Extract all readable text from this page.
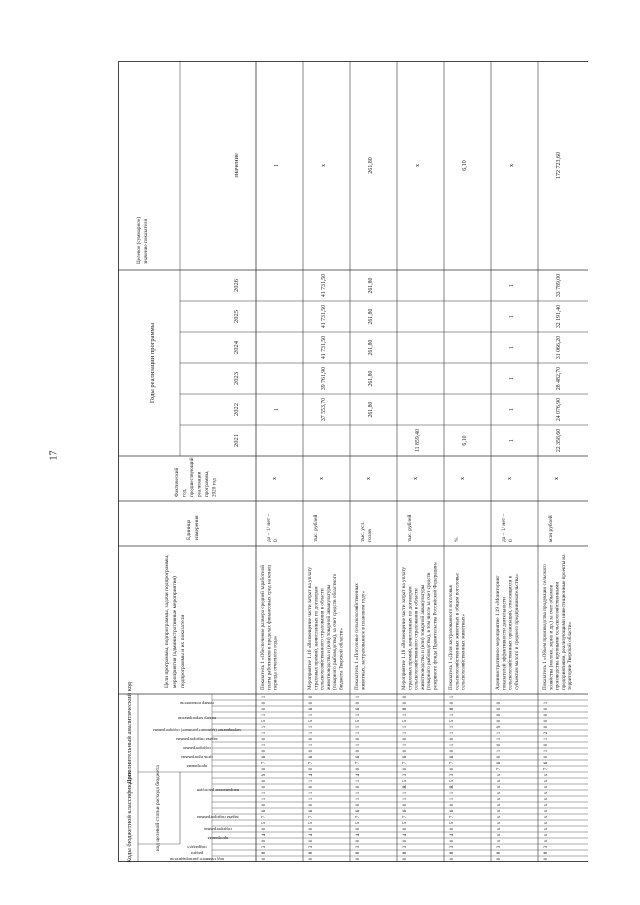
17
Коды бюджетной классификации
Дополнительный аналитический код
код целевой статьи расхода бюджета
код главного распорядителя
раздел
подраздел
программа
подпрограмма
задача подпрограммы
направление расходов
программа
цель программы
подпрограмма
задача подпрограммы
мероприятие (административное) подпрограммы
номер мероприятия
номер показателя
Цели программы, подпрограммы, задачи подпрограммы, мероприятия (административные мероприятия) подпрограммы и их показатели
Единица измерения
Фактический год, предшествующий реализации программы, 2020 год
Годы реализации программы
2021
2022
2023
2024
2025
2026
Целевое (суммарное)значение показателя
значение
0
8
3
0
4
0
5
7
6
0
1
1
0
0
9
0
7
6
0
1
0
1
1
5
1
0
0
1
Показатель 1 «Обеспечение размера средней заработнойплаты работников в пределах финансовых сред на конецпериода отчетного года»
да – 1/ нет –0
х
1
1
0
8
3
0
4
0
5
7
6
0
1
1
0
1
4
0
7
6
0
1
0
1
1
5
1
6
0
0
Мероприятие 1.16 «Возмещение части затрат на уплатустраховых премий, начисленных по договорамсельскохозяйственного страхования в областиживотноводства и (или) товарной аквакультуры(товарного рыбоводства), за счет средств областногобюджета Тверской области»
тыс. рублей
х
37 553,70
39 761,90
41 731,50
41 731,50
41 731,50
х
0
8
3
0
4
0
5
7
6
0
1
1
0
1
4
0
7
6
0
1
0
1
1
5
1
6
0
1
Показатель 1 «Поголовье сельскохозяйственныхживотных, застрахованное в плановом году»
тыс. усл.голов
х
261,80
261,80
261,80
261,80
261,80
261,80
0
8
3
0
4
0
5
7
6
0
1
1
R
5
3
0
7
6
0
1
0
1
1
5
1
8
0
0
Мероприятие 1.18 «Возмещение части затрат на уплатустраховых премий, начисленных по договорамсельскохозяйственного страхования в областиживотноводства и (или) товарной аквакультуры(товарного рыбоводства), в том числе за счет средстврезервного фонда Правительства Российской Федерации»
тыс. рублей
х
11 859,40
х
0
8
3
0
4
0
5
7
6
0
1
1
R
5
3
0
7
6
0
1
0
1
1
5
1
8
0
1
Показатель 1 «Доля застрахованного поголовьясельскохозяйственных животных в общем поголовьесельскохозяйственных животных»
%
х
6,10
6,10
0
8
3
х
х
х
х
х
х
х
х
х
х
х
х
7
6
0
1
0
1
1
9
0
0
0
0
Административное мероприятие 1.19 «Мониторингпоказателей эффективности деятельностисельскохозяйственных организаций, относящихся ксубъектам малого и среднего предпринимательства»
да – 1/ нет –0
х
1
1
1
1
1
1
х
0
8
3
х
х
х
х
х
х
х
х
х
х
х
х
7
6
0
1
0
1
2
0
0
0
0
1
Показатель 1 «Объем производства продукции сельскогохозяйства (молоко, зерно и др.) за счет объемовпроизводства крупными сельскохозяйственнымипредприятиями, реализующими инвестиционные проекты натерритории Тверской области»
млн рублей
х
22 358,60
24 076,90
28 482,70
31 066,20
32 191,40
33 789,00
172 723,60
